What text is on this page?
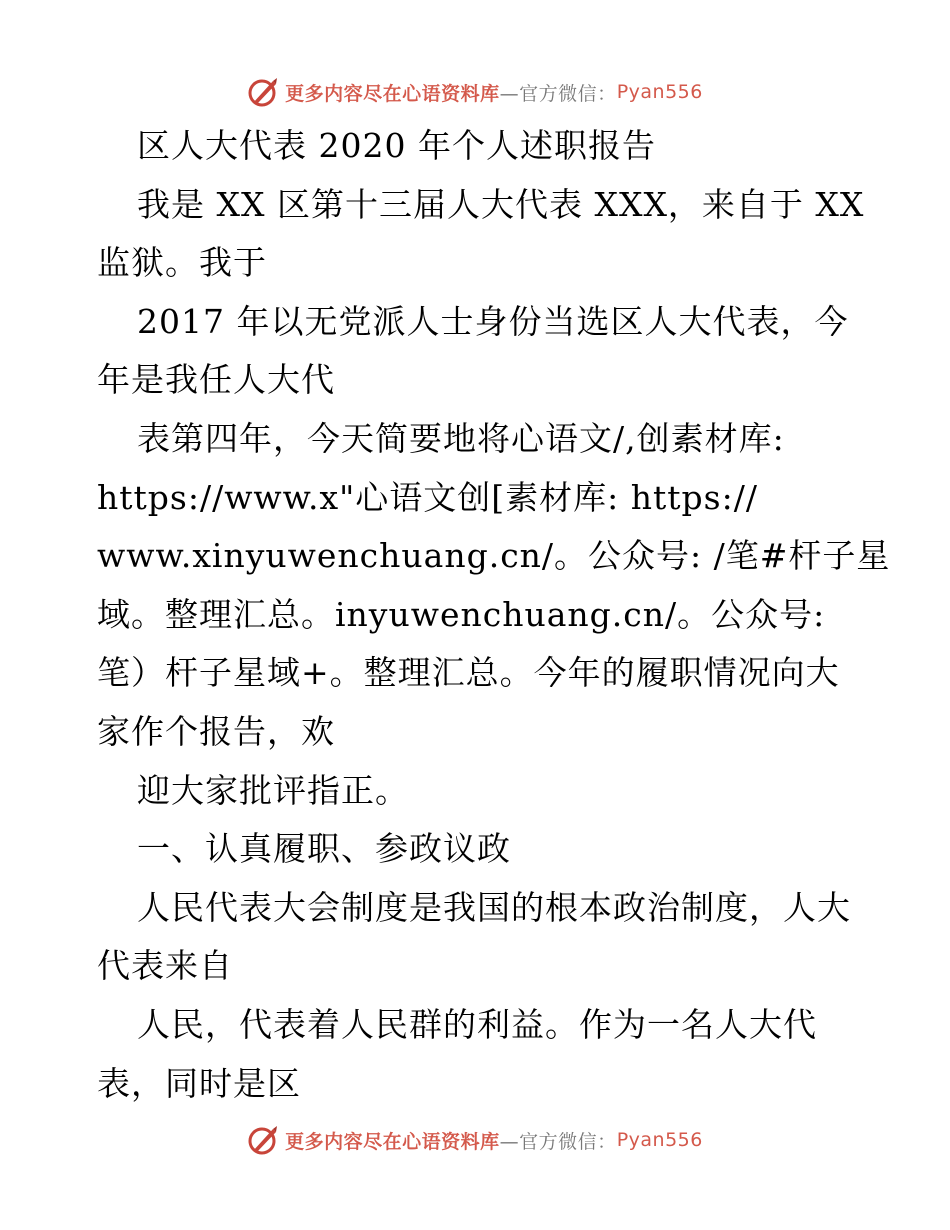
更多内容尽在心语资料库 —官方微信： Pyan556
区人大代表 2020 年个人述职报告
我是 XX 区第十三届人大代表 XXX，来自于 XX
监狱。我于
2017 年以无党派人士身份当选区人大代表，今
年是我任人大代
表第四年，今天简要地将心语文/,创素材库:
https://www.x"心语文创[素材库: https://
www.xinyuwenchuang.cn/。公众号: /笔#杆子星
域。整理汇总。inyuwenchuang.cn/。公众号:
笔）杆子星域+。整理汇总。今年的履职情况向大
家作个报告，欢
迎大家批评指正。
一、认真履职、参政议政
人民代表大会制度是我国的根本政治制度，人大
代表来自
人民，代表着人民群的利益。作为一名人大代
表，同时是区
更多内容尽在心语资料库 —官方微信： Pyan556
